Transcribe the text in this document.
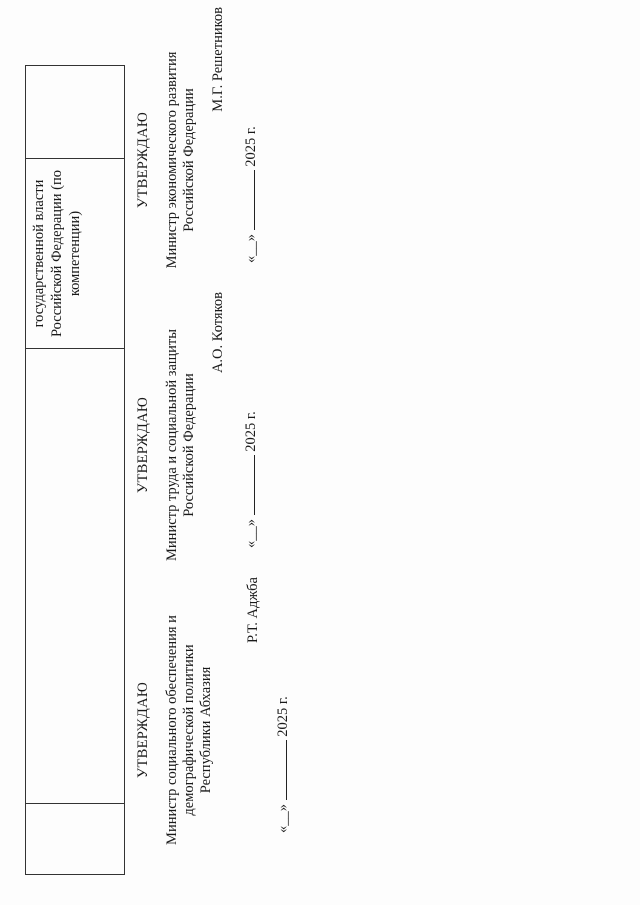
государственной власти
Российской Федерации (по
компетенции)
УТВЕРЖДАЮ
Министр социального обеспечения и
демографической политики
Республики Абхазия
Р.Т. Аджба
«__»  2025 г.
УТВЕРЖДАЮ
Министр труда и социальной защиты
Российской Федерации
А.О. Котяков
«__»  2025 г.
УТВЕРЖДАЮ
Министр экономического развития
Российской Федерации
М.Г. Решетников
«__»  2025 г.
